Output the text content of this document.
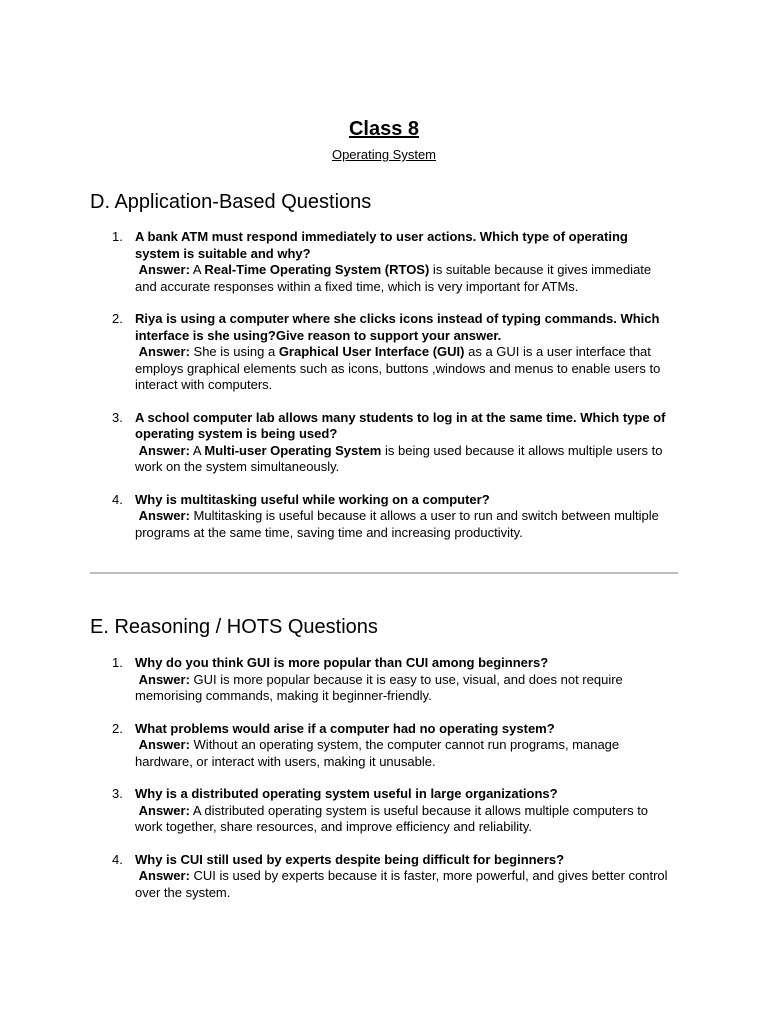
Class 8
Operating System
D. Application-Based Questions
1. A bank ATM must respond immediately to user actions. Which type of operating system is suitable and why?
Answer: A Real-Time Operating System (RTOS) is suitable because it gives immediate and accurate responses within a fixed time, which is very important for ATMs.
2. Riya is using a computer where she clicks icons instead of typing commands. Which interface is she using?Give reason to support your answer.
Answer: She is using a Graphical User Interface (GUI) as a GUI is a user interface that employs graphical elements such as icons, buttons ,windows and menus to enable users to interact with computers.
3. A school computer lab allows many students to log in at the same time. Which type of operating system is being used?
Answer: A Multi-user Operating System is being used because it allows multiple users to work on the system simultaneously.
4. Why is multitasking useful while working on a computer?
Answer: Multitasking is useful because it allows a user to run and switch between multiple programs at the same time, saving time and increasing productivity.
E. Reasoning / HOTS Questions
1. Why do you think GUI is more popular than CUI among beginners?
Answer: GUI is more popular because it is easy to use, visual, and does not require memorising commands, making it beginner-friendly.
2. What problems would arise if a computer had no operating system?
Answer: Without an operating system, the computer cannot run programs, manage hardware, or interact with users, making it unusable.
3. Why is a distributed operating system useful in large organizations?
Answer: A distributed operating system is useful because it allows multiple computers to work together, share resources, and improve efficiency and reliability.
4. Why is CUI still used by experts despite being difficult for beginners?
Answer: CUI is used by experts because it is faster, more powerful, and gives better control over the system.
